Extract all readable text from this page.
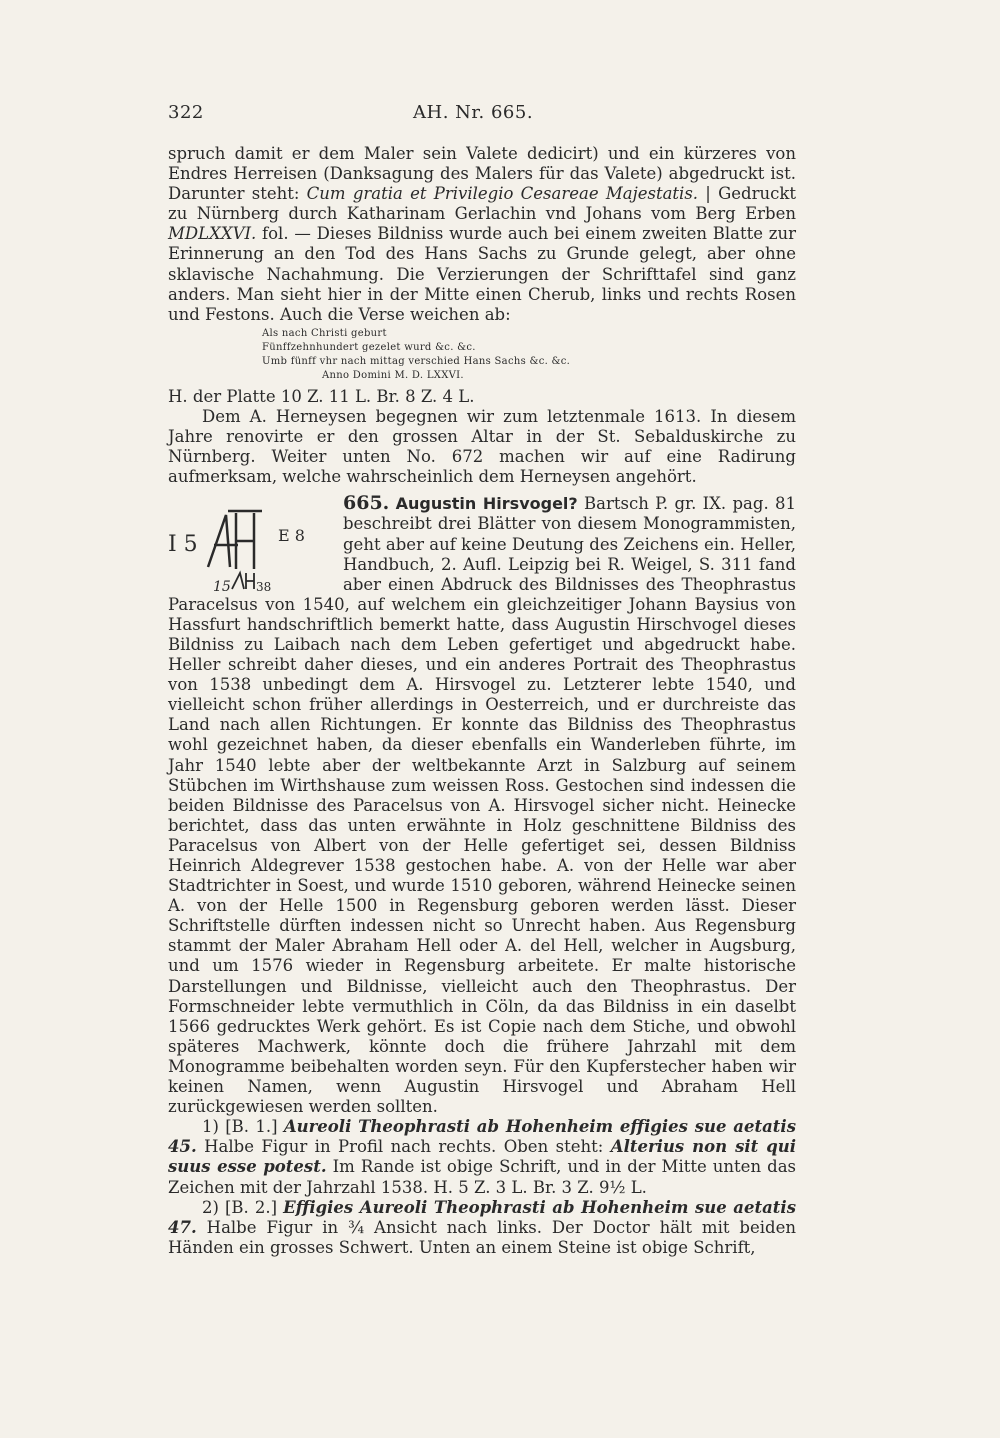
322	AH. Nr. 665.

spruch damit er dem Maler sein Valete dedicirt) und ein kürzeres von Endres Herreisen (Danksagung des Malers für das Valete) abgedruckt ist. Darunter steht: Cum gratia et Privilegio Cesareae Majestatis. | Gedruckt zu Nürnberg durch Katharinam Gerlachin vnd Johans vom Berg Erben MDLXXVI. fol. — Dieses Bildniss wurde auch bei einem zweiten Blatte zur Erinnerung an den Tod des Hans Sachs zu Grunde gelegt, aber ohne sklavische Nachahmung. Die Verzierungen der Schrifttafel sind ganz anders. Man sieht hier in der Mitte einen Cherub, links und rechts Rosen und Festons. Auch die Verse weichen ab:

Als nach Christi geburt
Fünffzehnhundert gezelet wurd &c. &c.
Umb fünff vhr nach mittag verschied Hans Sachs &c. &c.
Anno Domini M. D. LXXVI.

H. der Platte 10 Z. 11 L. Br. 8 Z. 4 L.

Dem A. Herneysen begegnen wir zum letztenmale 1613. In diesem Jahre renovirte er den grossen Altar in der St. Sebalduskirche zu Nürnberg. Weiter unten No. 672 machen wir auf eine Radirung aufmerksam, welche wahrscheinlich dem Herneysen angehört.

I 5	E 8
15 38

665. Augustin Hirsvogel? Bartsch P. gr. IX. pag. 81 beschreibt drei Blätter von diesem Monogrammisten, geht aber auf keine Deutung des Zeichens ein. Heller, Handbuch, 2. Aufl. Leipzig bei R. Weigel, S. 311 fand aber einen Abdruck des Bildnisses des Theophrastus Paracelsus von 1540, auf welchem ein gleichzeitiger Johann Baysius von Hassfurt handschriftlich bemerkt hatte, dass Augustin Hirschvogel dieses Bildniss zu Laibach nach dem Leben gefertiget und abgedruckt habe. Heller schreibt daher dieses, und ein anderes Portrait des Theophrastus von 1538 unbedingt dem A. Hirsvogel zu. Letzterer lebte 1540, und vielleicht schon früher allerdings in Oesterreich, und er durchreiste das Land nach allen Richtungen. Er konnte das Bildniss des Theophrastus wohl gezeichnet haben, da dieser ebenfalls ein Wanderleben führte, im Jahr 1540 lebte aber der weltbekannte Arzt in Salzburg auf seinem Stübchen im Wirthshause zum weissen Ross. Gestochen sind indessen die beiden Bildnisse des Paracelsus von A. Hirsvogel sicher nicht. Heinecke berichtet, dass das unten erwähnte in Holz geschnittene Bildniss des Paracelsus von Albert von der Helle gefertiget sei, dessen Bildniss Heinrich Aldegrever 1538 gestochen habe. A. von der Helle war aber Stadtrichter in Soest, und wurde 1510 geboren, während Heinecke seinen A. von der Helle 1500 in Regensburg geboren werden lässt. Dieser Schriftstelle dürften indessen nicht so Unrecht haben. Aus Regensburg stammt der Maler Abraham Hell oder A. del Hell, welcher in Augsburg, und um 1576 wieder in Regensburg arbeitete. Er malte historische Darstellungen und Bildnisse, vielleicht auch den Theophrastus. Der Formschneider lebte vermuthlich in Cöln, da das Bildniss in ein daselbt 1566 gedrucktes Werk gehört. Es ist Copie nach dem Stiche, und obwohl späteres Machwerk, könnte doch die frühere Jahrzahl mit dem Monogramme beibehalten worden seyn. Für den Kupferstecher haben wir keinen Namen, wenn Augustin Hirsvogel und Abraham Hell zurückgewiesen werden sollten.

1) [B. 1.] Aureoli Theophrasti ab Hohenheim effigies sue aetatis 45. Halbe Figur in Profil nach rechts. Oben steht: Alterius non sit qui suus esse potest. Im Rande ist obige Schrift, und in der Mitte unten das Zeichen mit der Jahrzahl 1538. H. 5 Z. 3 L. Br. 3 Z. 9½ L.

2) [B. 2.] Effigies Aureoli Theophrasti ab Hohenheim sue aetatis 47. Halbe Figur in ¾ Ansicht nach links. Der Doctor hält mit beiden Händen ein grosses Schwert. Unten an einem Steine ist obige Schrift,
